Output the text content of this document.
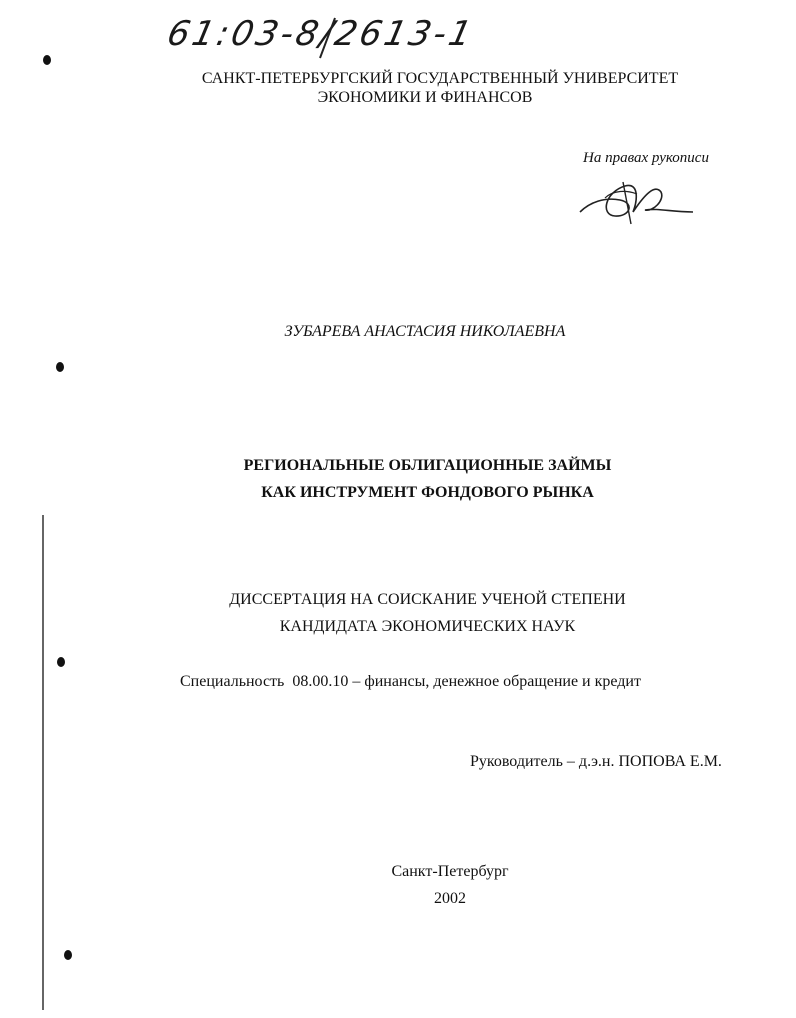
61:03-8/2613-1
САНКТ-ПЕТЕРБУРГСКИЙ ГОСУДАРСТВЕННЫЙ УНИВЕРСИТЕТ
ЭКОНОМИКИ И ФИНАНСОВ
На правах рукописи
ЗУБАРЕВА АНАСТАСИЯ НИКОЛАЕВНА
РЕГИОНАЛЬНЫЕ ОБЛИГАЦИОННЫЕ ЗАЙМЫ
КАК ИНСТРУМЕНТ ФОНДОВОГО РЫНКА
ДИССЕРТАЦИЯ НА СОИСКАНИЕ УЧЕНОЙ СТЕПЕНИ
КАНДИДАТА ЭКОНОМИЧЕСКИХ НАУК
Специальность  08.00.10 – финансы, денежное обращение и кредит
Руководитель – д.э.н. ПОПОВА Е.М.
Санкт-Петербург
2002
